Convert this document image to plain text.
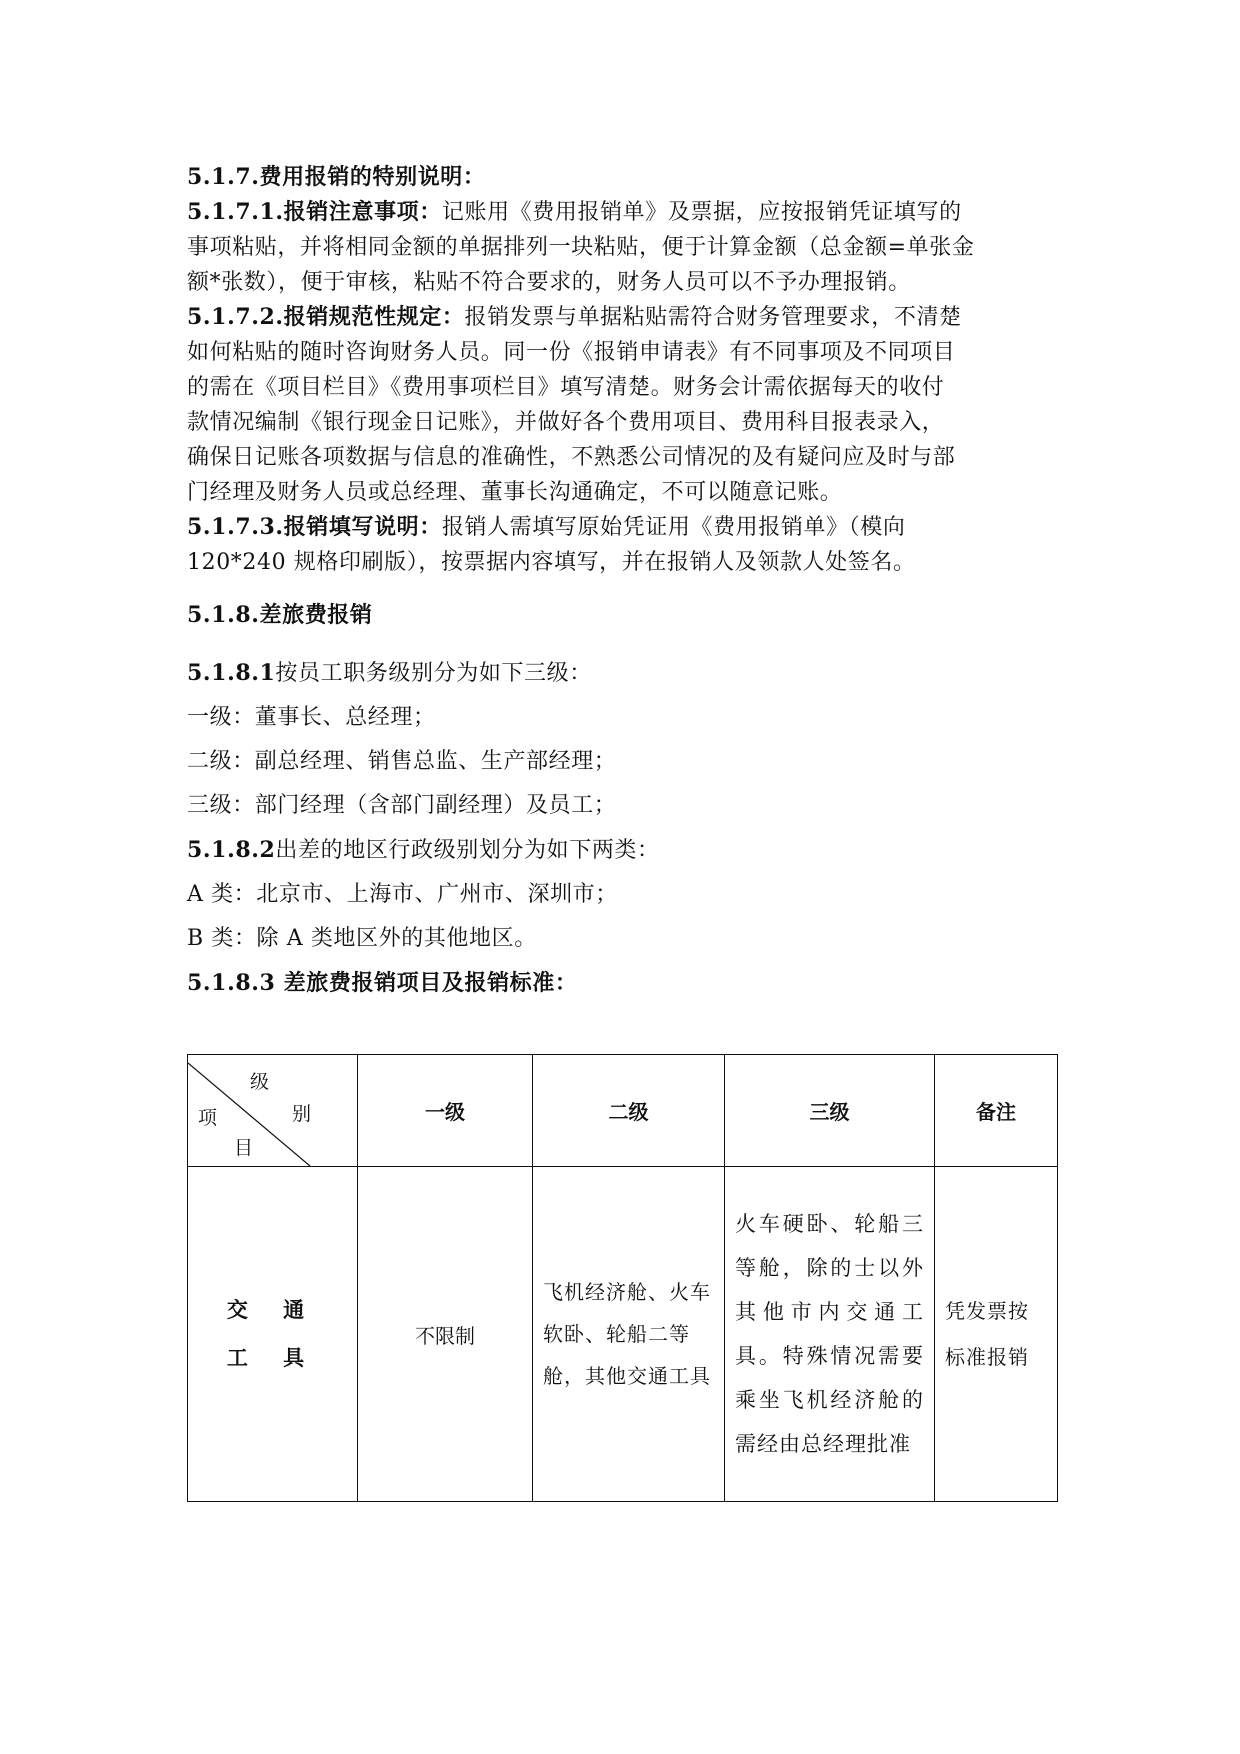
5.1.7.费用报销的特别说明：
5.1.7.1.报销注意事项：记账用《费用报销单》及票据，应按报销凭证填写的
事项粘贴，并将相同金额的单据排列一块粘贴，便于计算金额（总金额=单张金
额*张数），便于审核，粘贴不符合要求的，财务人员可以不予办理报销。
5.1.7.2.报销规范性规定：报销发票与单据粘贴需符合财务管理要求，不清楚
如何粘贴的随时咨询财务人员。同一份《报销申请表》有不同事项及不同项目
的需在《项目栏目》《费用事项栏目》填写清楚。财务会计需依据每天的收付
款情况编制《银行现金日记账》，并做好各个费用项目、费用科目报表录入，
确保日记账各项数据与信息的准确性，不熟悉公司情况的及有疑问应及时与部
门经理及财务人员或总经理、董事长沟通确定，不可以随意记账。
5.1.7.3.报销填写说明：报销人需填写原始凭证用《费用报销单》（模向
120*240 规格印刷版），按票据内容填写，并在报销人及领款人处签名。
5.1.8.差旅费报销
5.1.8.1按员工职务级别分为如下三级：
一级：董事长、总经理；
二级：副总经理、销售总监、生产部经理；
三级：部门经理（含部门副经理）及员工；
5.1.8.2出差的地区行政级别划分为如下两类：
A 类：北京市、上海市、广州市、深圳市；
B 类：除 A 类地区外的其他地区。
5.1.8.3 差旅费报销项目及报销标准：
级
别
项
目	一级	二级	三级	备注

交 通
工 具	不限制	飞机经济舱、火车软卧、轮船二等舱，其他交通工具	火车硬卧、轮船三等舱，除的士以外其他市内交通工具。特殊情况需要乘坐飞机经济舱的需经由总经理批准	凭发票按标准报销
